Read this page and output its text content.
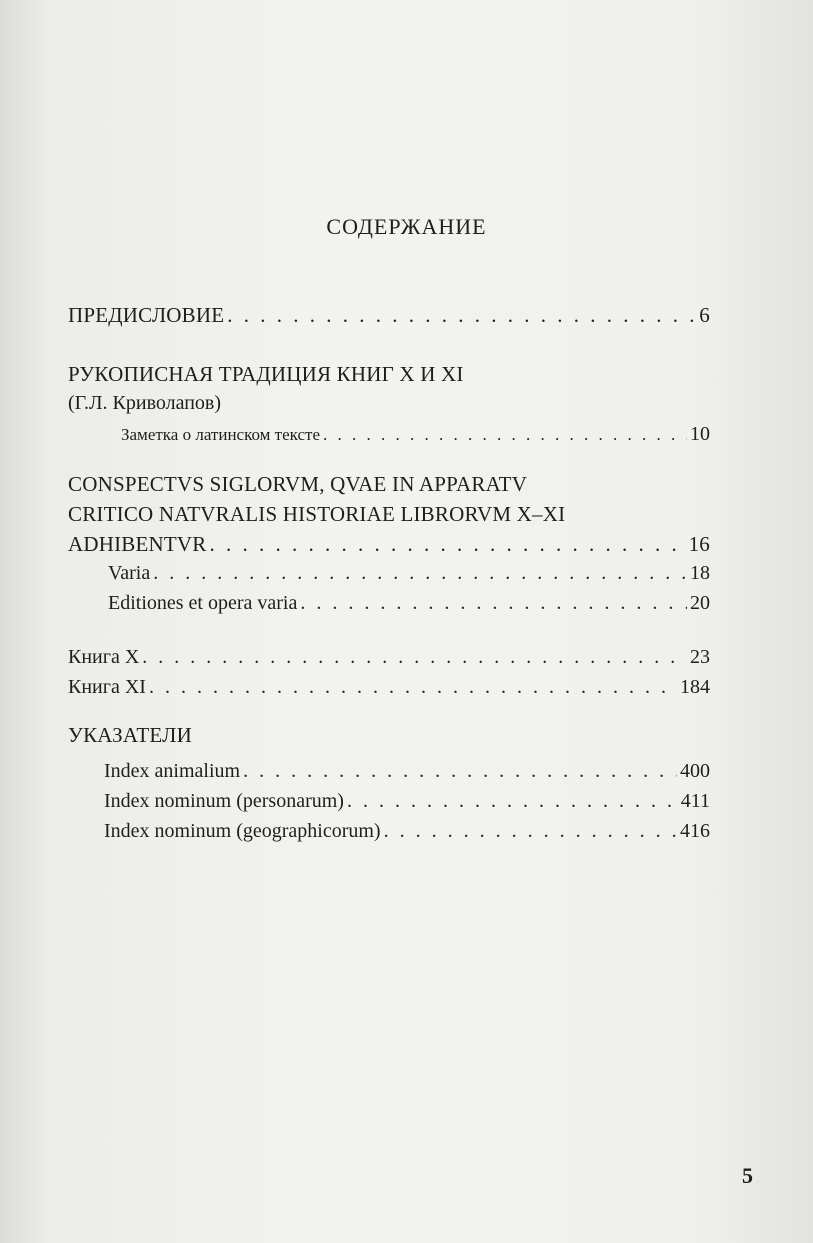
СОДЕРЖАНИЕ
ПРЕДИСЛОВИЕ . . .	6
РУКОПИСНАЯ ТРАДИЦИЯ КНИГ X И XI
(Г.Л. Криволапов)
Заметка о латинском тексте . . .	10
CONSPECTVS SIGLORVM, QVAE IN APPARATV
CRITICO NATVRALIS HISTORIAE LIBRORVM X–XI
ADHIBENTVR . . .	16
Varia . . .	18
Editiones et opera varia . . .	20
Книга X . . .	23
Книга XI . . .	184
УКАЗАТЕЛИ
Index animalium . . .	400
Index nominum (personarum) . . .	411
Index nominum (geographicorum) . . .	416
5
